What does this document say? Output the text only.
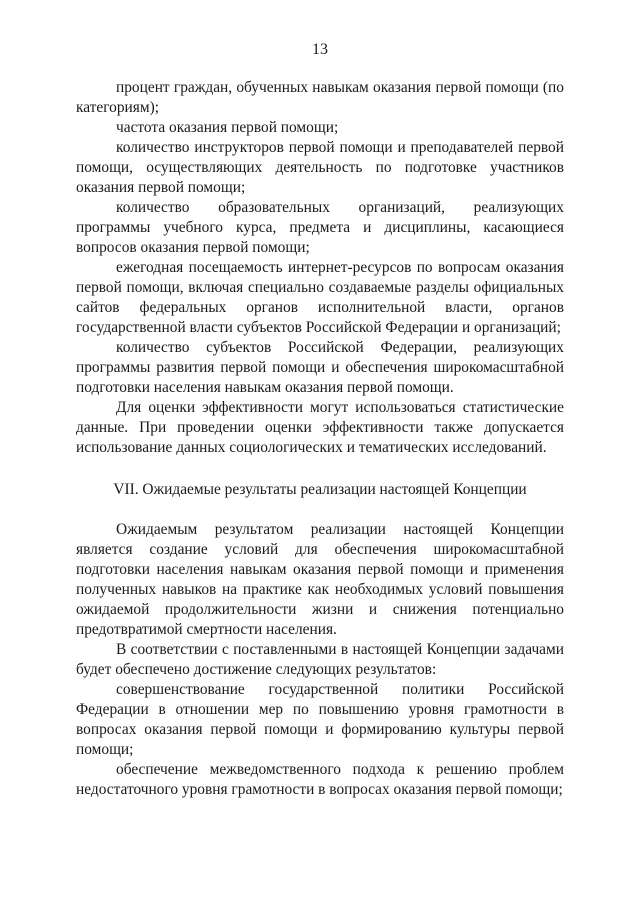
13

процент граждан, обученных навыкам оказания первой помощи (по категориям);

частота оказания первой помощи;

количество инструкторов первой помощи и преподавателей первой помощи, осуществляющих деятельность по подготовке участников оказания первой помощи;

количество образовательных организаций, реализующих программы учебного курса, предмета и дисциплины, касающиеся вопросов оказания первой помощи;

ежегодная посещаемость интернет-ресурсов по вопросам оказания первой помощи, включая специально создаваемые разделы официальных сайтов федеральных органов исполнительной власти, органов государственной власти субъектов Российской Федерации и организаций;

количество субъектов Российской Федерации, реализующих программы развития первой помощи и обеспечения широкомасштабной подготовки населения навыкам оказания первой помощи.

Для оценки эффективности могут использоваться статистические данные. При проведении оценки эффективности также допускается использование данных социологических и тематических исследований.

VII. Ожидаемые результаты реализации настоящей Концепции

Ожидаемым результатом реализации настоящей Концепции является создание условий для обеспечения широкомасштабной подготовки населения навыкам оказания первой помощи и применения полученных навыков на практике как необходимых условий повышения ожидаемой продолжительности жизни и снижения потенциально предотвратимой смертности населения.

В соответствии с поставленными в настоящей Концепции задачами будет обеспечено достижение следующих результатов:

совершенствование государственной политики Российской Федерации в отношении мер по повышению уровня грамотности в вопросах оказания первой помощи и формированию культуры первой помощи;

обеспечение межведомственного подхода к решению проблем недостаточного уровня грамотности в вопросах оказания первой помощи;
